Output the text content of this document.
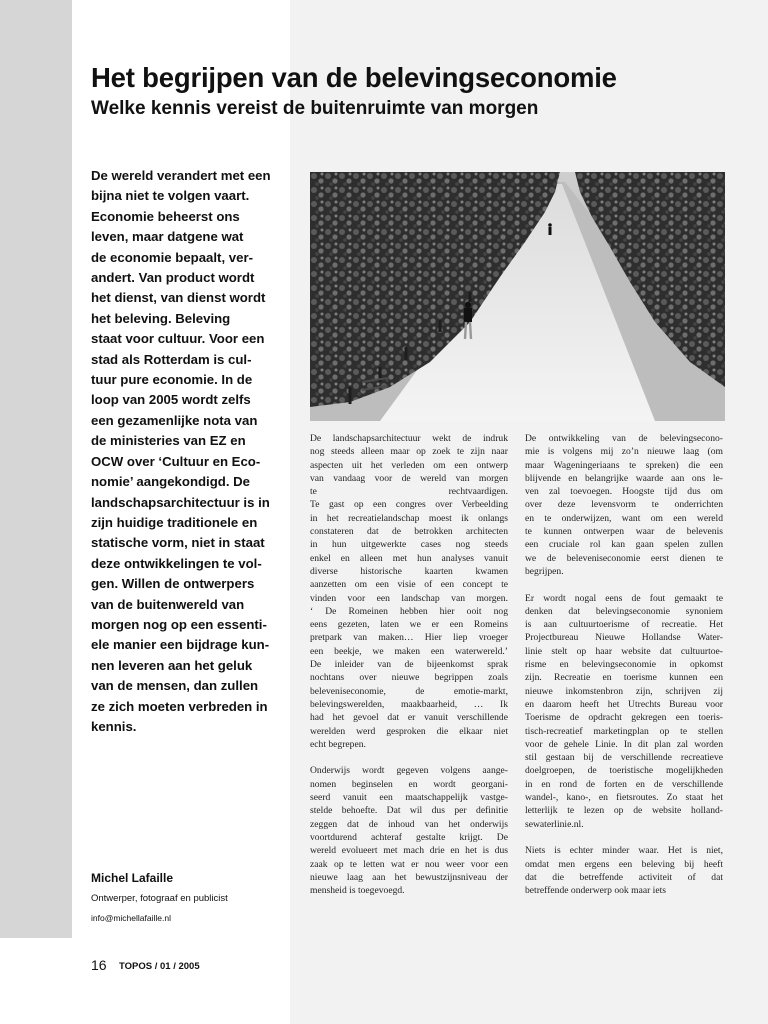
Het begrijpen van de belevingseconomie
Welke kennis vereist de buitenruimte van morgen
De wereld verandert met een
bijna niet te volgen vaart.
Economie beheerst ons
leven, maar datgene wat
de economie bepaalt, ver-
andert. Van product wordt
het dienst, van dienst wordt
het beleving. Beleving
staat voor cultuur. Voor een
stad als Rotterdam is cul-
tuur pure economie. In de
loop van 2005 wordt zelfs
een gezamenlijke nota van
de ministeries van EZ en
OCW over ‘Cultuur en Eco-
nomie’ aangekondigd. De
landschapsarchitectuur is in
zijn huidige traditionele en
statische vorm, niet in staat
deze ontwikkelingen te vol-
gen. Willen de ontwerpers
van de buitenwereld van
morgen nog op een essenti-
ele manier een bijdrage kun-
nen leveren aan het geluk
van de mensen, dan zullen
ze zich moeten verbreden in
kennis.
De landschapsarchitectuur wekt de indruk
nog steeds alleen maar op zoek te zijn naar
aspecten uit het verleden om een ontwerp
van vandaag voor de wereld van morgen
te rechtvaardigen.
Te gast op een congres over Verbeelding
in het recreatielandschap moest ik onlangs
constateren dat de betrokken architecten
in hun uitgewerkte cases nog steeds
enkel en alleen met hun analyses vanuit
diverse historische kaarten kwamen
aanzetten om een visie of een concept te
vinden voor een landschap van morgen.
‘ De Romeinen hebben hier ooit nog
eens gezeten, laten we er een Romeins
pretpark van maken… Hier liep vroeger
een beekje, we maken een waterwereld.’
De inleider van de bijeenkomst sprak
nochtans over nieuwe begrippen zoals
beleveniseconomie, de emotie-markt,
belevingswerelden, maakbaarheid, … Ik
had het gevoel dat er vanuit verschillende
werelden werd gesproken die elkaar niet
echt begrepen.
Onderwijs wordt gegeven volgens aange-
nomen beginselen en wordt georgani-
seerd vanuit een maatschappelijk vastge-
stelde behoefte. Dat wil dus per definitie
zeggen dat de inhoud van het onderwijs
voortdurend achteraf gestalte krijgt. De
wereld evolueert met mach drie en het is dus
zaak op te letten wat er nou weer voor een
nieuwe laag aan het bewustzijnsniveau der
mensheid is toegevoegd.
De ontwikkeling van de belevingsecono-
mie is volgens mij zo’n nieuwe laag (om
maar Wageningeriaans te spreken) die een
blijvende en belangrijke waarde aan ons le-
ven zal toevoegen. Hoogste tijd dus om
over deze levensvorm te onderrichten
en te onderwijzen, want om een wereld
te kunnen ontwerpen waar de belevenis
een cruciale rol kan gaan spelen zullen
we de beleveniseconomie eerst dienen te
begrijpen.
Er wordt nogal eens de fout gemaakt te
denken dat belevingseconomie synoniem
is aan cultuurtoerisme of recreatie. Het
Projectbureau Nieuwe Hollandse Water-
linie stelt op haar website dat cultuurtoe-
risme en belevingseconomie in opkomst
zijn. Recreatie en toerisme kunnen een
nieuwe inkomstenbron zijn, schrijven zij
en daarom heeft het Utrechts Bureau voor
Toerisme de opdracht gekregen een toeris-
tisch-recreatief marketingplan op te stellen
voor de gehele Linie. In dit plan zal worden
stil gestaan bij de verschillende recreatieve
doelgroepen, de toeristische mogelijkheden
in en rond de forten en de verschillende
wandel-, kano-, en fietsroutes. Zo staat het
letterlijk te lezen op de website holland-
sewaterlinie.nl.
Niets is echter minder waar. Het is niet,
omdat men ergens een beleving bij heeft
dat die betreffende activiteit of dat
betreffende onderwerp ook maar iets
Michel Lafaille
Ontwerper, fotograaf en publicist
info@michellafaille.nl
16 TOPOS / 01 / 2005
